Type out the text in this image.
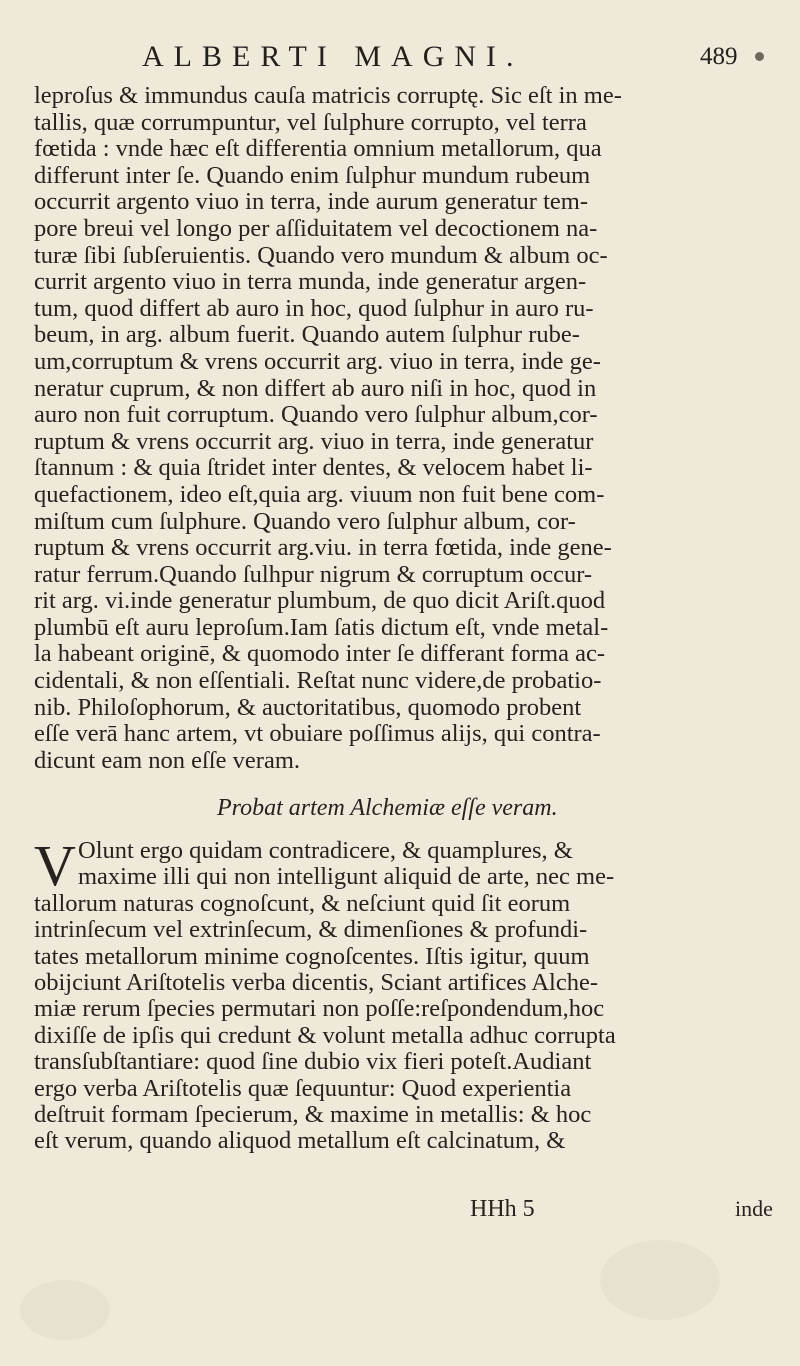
ALBERTI MAGNI.	489
leproſus & immundus cauſa matricis corruptę. Sic eſt in me-
tallis, quæ corrumpuntur, vel ſulphure corrupto, vel terra
fœtida : vnde hæc eſt differentia omnium metallorum, qua
differunt inter ſe. Quando enim ſulphur mundum rubeum
occurrit argento viuo in terra, inde aurum generatur tem-
pore breui vel longo per aſſiduitatem vel decoctionem na-
turæ ſibi ſubſeruientis. Quando vero mundum & album oc-
currit argento viuo in terra munda, inde generatur argen-
tum, quod differt ab auro in hoc, quod ſulphur in auro ru-
beum, in arg. album fuerit. Quando autem ſulphur rube-
um,corruptum & vrens occurrit arg. viuo in terra, inde ge-
neratur cuprum, & non differt ab auro niſi in hoc, quod in
auro non fuit corruptum. Quando vero ſulphur album,cor-
ruptum & vrens occurrit arg. viuo in terra, inde generatur
ſtannum : & quia ſtridet inter dentes, & velocem habet li-
quefactionem, ideo eſt,quia arg. viuum non fuit bene com-
miſtum cum ſulphure. Quando vero ſulphur album, cor-
ruptum & vrens occurrit arg.viu. in terra fœtida, inde gene-
ratur ferrum.Quando ſulhpur nigrum & corruptum occur-
rit arg. vi.inde generatur plumbum, de quo dicit Ariſt.quod
plumbū eſt auru leproſum.Iam ſatis dictum eſt, vnde metal-
la habeant originē, & quomodo inter ſe differant forma ac-
cidentali, & non eſſentiali. Reſtat nunc videre,de probatio-
nib. Philoſophorum, & auctoritatibus, quomodo probent
eſſe verā hanc artem, vt obuiare poſſimus alijs, qui contra-
dicunt eam non eſſe veram.
Probat artem Alchemiæ eſſe veram.
V Olunt ergo quidam contradicere, & quamplures, &
maxime illi qui non intelligunt aliquid de arte, nec me-
tallorum naturas cognoſcunt, & neſciunt quid ſit eorum
intrinſecum vel extrinſecum, & dimenſiones & profundi-
tates metallorum minime cognoſcentes. Iſtis igitur, quum
obijciunt Ariſtotelis verba dicentis, Sciant artifices Alche-
miæ rerum ſpecies permutari non poſſe:reſpondendum,hoc
dixiſſe de ipſis qui credunt & volunt metalla adhuc corrupta
transſubſtantiare: quod ſine dubio vix fieri poteſt.Audiant
ergo verba Ariſtotelis quæ ſequuntur: Quod experientia
deſtruit formam ſpecierum, & maxime in metallis: & hoc
eſt verum, quando aliquod metallum eſt calcinatum, &
HHh 5	inde
